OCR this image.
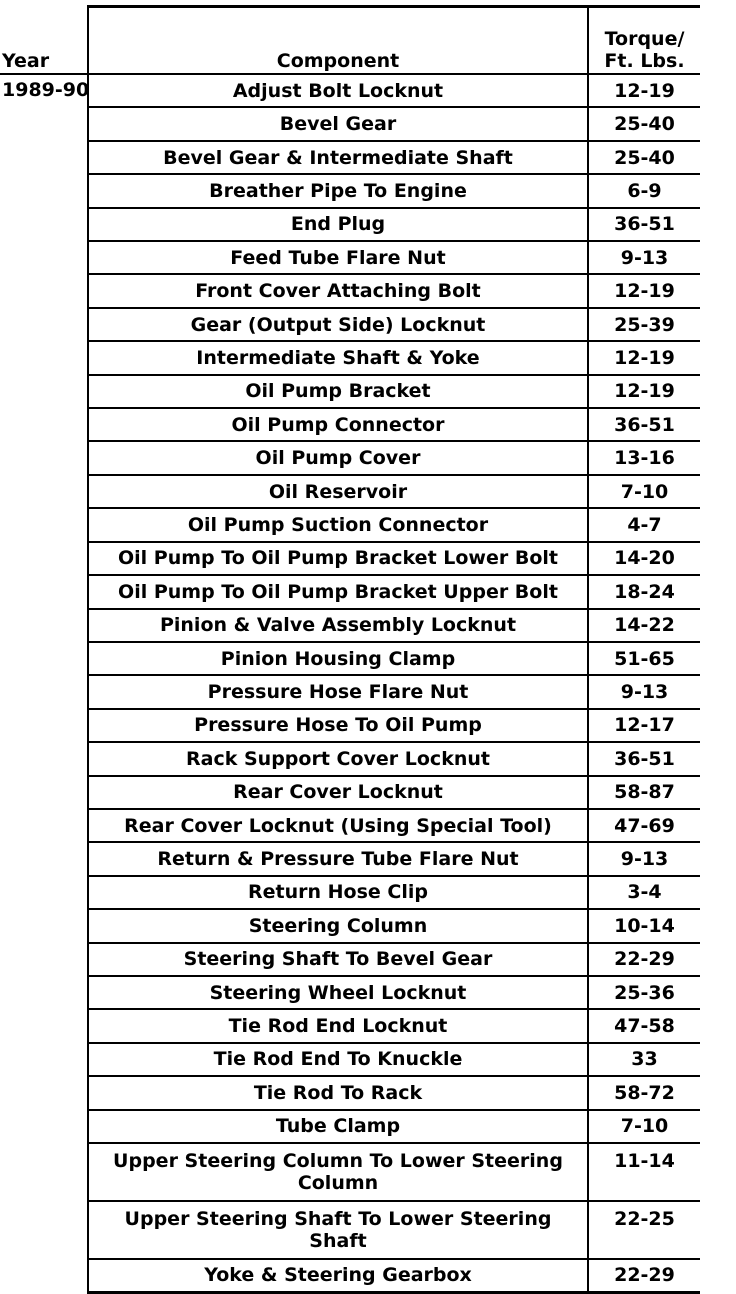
Year	Component	Torque/
Ft. Lbs.

1989-90	Adjust Bolt Locknut	12-19
	Bevel Gear	25-40
	Bevel Gear & Intermediate Shaft	25-40
	Breather Pipe To Engine	6-9
	End Plug	36-51
	Feed Tube Flare Nut	9-13
	Front Cover Attaching Bolt	12-19
	Gear (Output Side) Locknut	25-39
	Intermediate Shaft & Yoke	12-19
	Oil Pump Bracket	12-19
	Oil Pump Connector	36-51
	Oil Pump Cover	13-16
	Oil Reservoir	7-10
	Oil Pump Suction Connector	4-7
	Oil Pump To Oil Pump Bracket Lower Bolt	14-20
	Oil Pump To Oil Pump Bracket Upper Bolt	18-24
	Pinion & Valve Assembly Locknut	14-22
	Pinion Housing Clamp	51-65
	Pressure Hose Flare Nut	9-13
	Pressure Hose To Oil Pump	12-17
	Rack Support Cover Locknut	36-51
	Rear Cover Locknut	58-87
	Rear Cover Locknut (Using Special Tool)	47-69
	Return & Pressure Tube Flare Nut	9-13
	Return Hose Clip	3-4
	Steering Column	10-14
	Steering Shaft To Bevel Gear	22-29
	Steering Wheel Locknut	25-36
	Tie Rod End Locknut	47-58
	Tie Rod End To Knuckle	33
	Tie Rod To Rack	58-72
	Tube Clamp	7-10
	Upper Steering Column To Lower Steering Column	11-14
	Upper Steering Shaft To Lower Steering Shaft	22-25
	Yoke & Steering Gearbox	22-29
